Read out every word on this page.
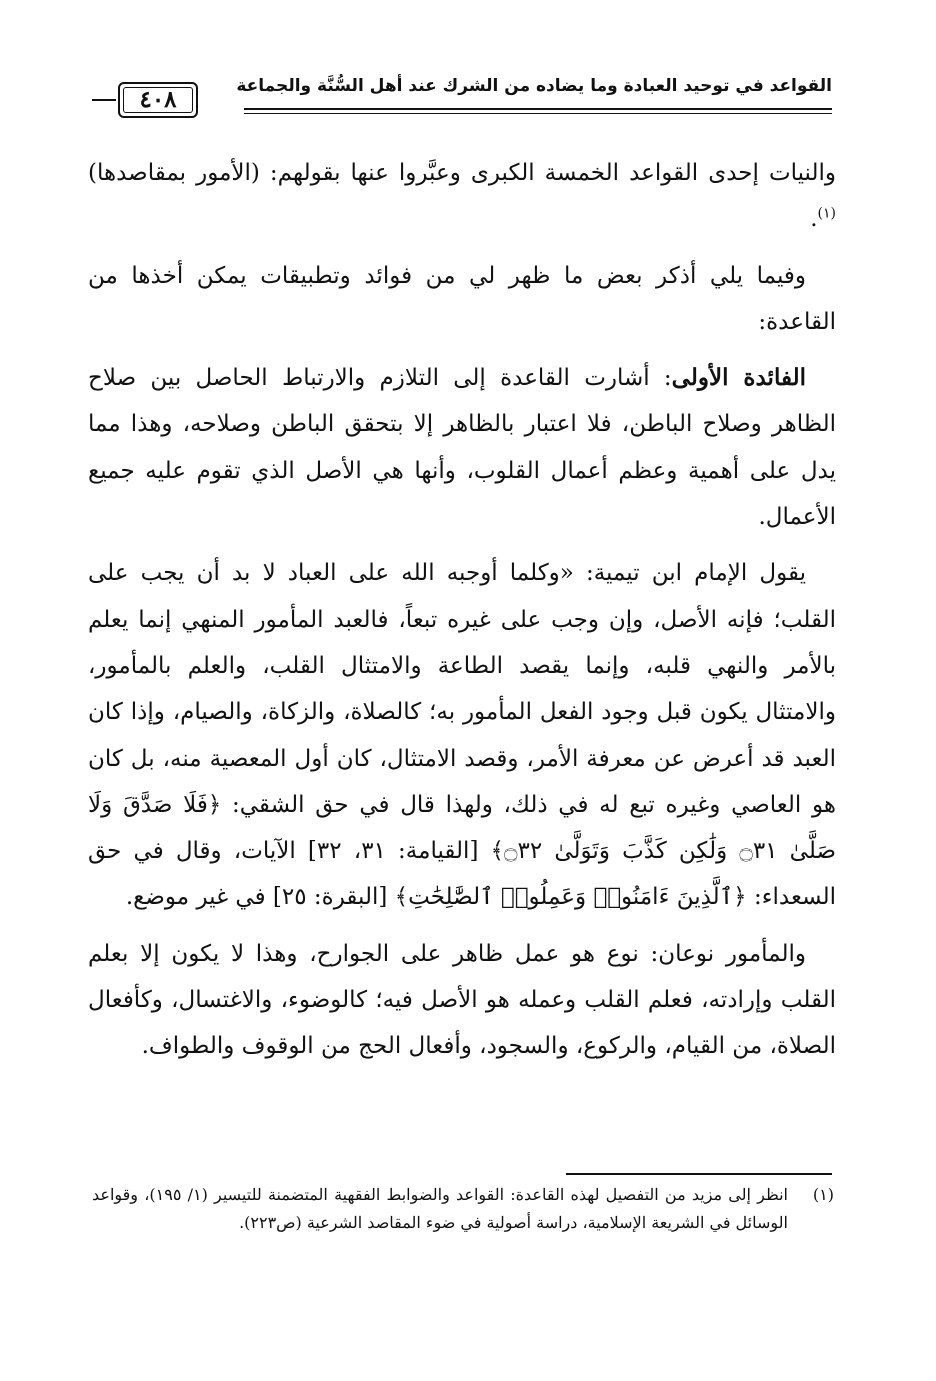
٤٠٨	القواعد في توحيد العبادة وما يضاده من الشرك عند أهل السُّنَّة والجماعة

والنيات إحدى القواعد الخمسة الكبرى وعبَّروا عنها بقولهم: (الأمور بمقاصدها)$^{(١)}$.

وفيما يلي أذكر بعض ما ظهر لي من فوائد وتطبيقات يمكن أخذها من القاعدة:

الفائدة الأولى: أشارت القاعدة إلى التلازم والارتباط الحاصل بين صلاح الظاهر وصلاح الباطن، فلا اعتبار بالظاهر إلا بتحقق الباطن وصلاحه، وهذا مما يدل على أهمية وعظم أعمال القلوب، وأنها هي الأصل الذي تقوم عليه جميع الأعمال.

يقول الإمام ابن تيمية: «وكلما أوجبه الله على العباد لا بد أن يجب على القلب؛ فإنه الأصل، وإن وجب على غيره تبعاً، فالعبد المأمور المنهي إنما يعلم بالأمر والنهي قلبه، وإنما يقصد الطاعة والامتثال القلب، والعلم بالمأمور، والامتثال يكون قبل وجود الفعل المأمور به؛ كالصلاة، والزكاة، والصيام، وإذا كان العبد قد أعرض عن معرفة الأمر، وقصد الامتثال، كان أول المعصية منه، بل كان هو العاصي وغيره تبع له في ذلك، ولهذا قال في حق الشقي: ﴿فَلَا صَدَّقَ وَلَا صَلَّىٰ ۝٣١ وَلَٰكِن كَذَّبَ وَتَوَلَّىٰ ۝٣٢﴾ [القيامة: ٣١، ٣٢] الآيات، وقال في حق السعداء: ﴿ٱلَّذِينَ ءَامَنُوا۟ وَعَمِلُوا۟ ٱلصَّٰلِحَٰتِ﴾ [البقرة: ٢٥] في غير موضع.

والمأمور نوعان: نوع هو عمل ظاهر على الجوارح، وهذا لا يكون إلا بعلم القلب وإرادته، فعلم القلب وعمله هو الأصل فيه؛ كالوضوء، والاغتسال، وكأفعال الصلاة، من القيام، والركوع، والسجود، وأفعال الحج من الوقوف والطواف.

(١)
انظر إلى مزيد من التفصيل لهذه القاعدة: القواعد والضوابط الفقهية المتضمنة للتيسير (١/ ١٩٥)، وقواعد الوسائل في الشريعة الإسلامية، دراسة أصولية في ضوء المقاصد الشرعية (ص٢٢٣).
